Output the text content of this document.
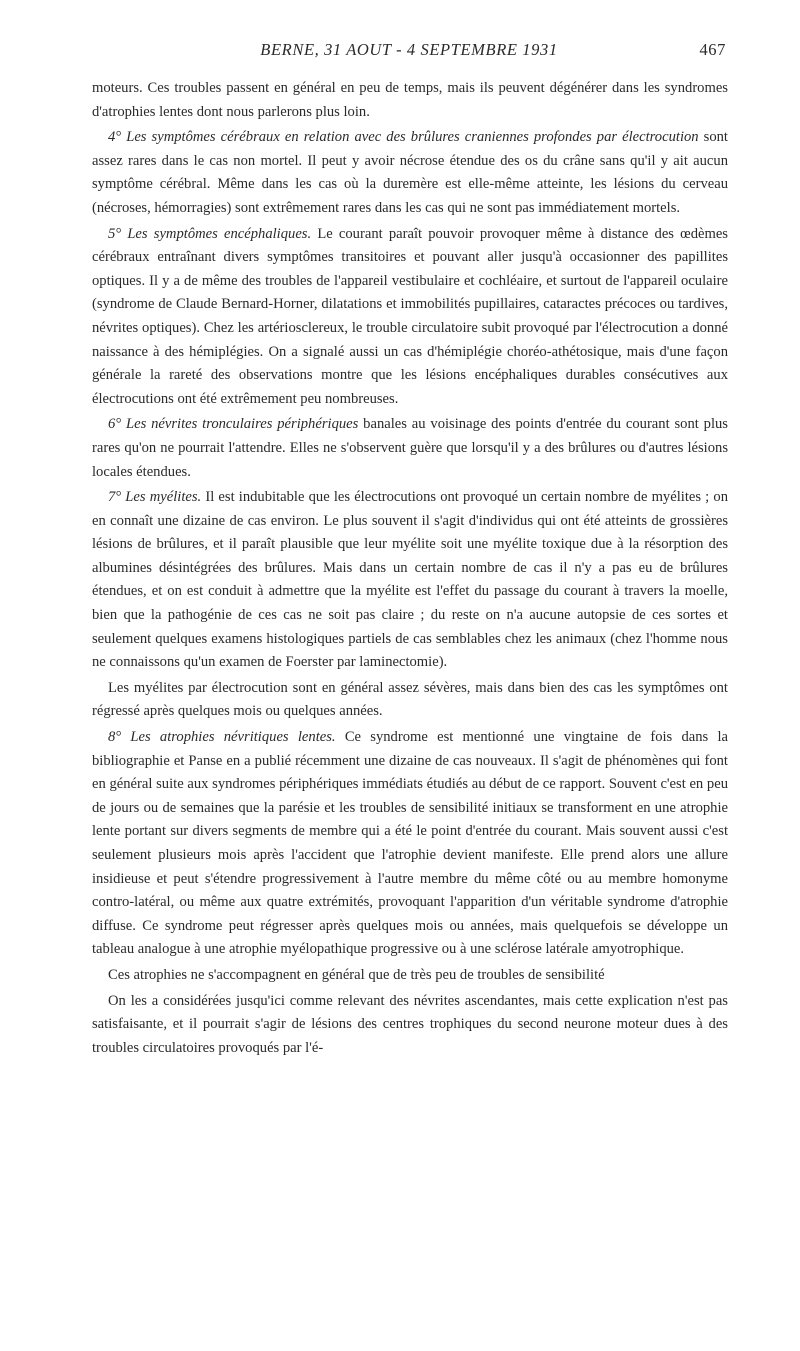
BERNE, 31 AOUT - 4 SEPTEMBRE 1931	467

moteurs. Ces troubles passent en général en peu de temps, mais ils peuvent dégénérer dans les syndromes d'atrophies lentes dont nous parlerons plus loin.

4° Les symptômes cérébraux en relation avec des brûlures craniennes profondes par électrocution sont assez rares dans le cas non mortel. Il peut y avoir nécrose étendue des os du crâne sans qu'il y ait aucun symptôme cérébral. Même dans les cas où la duremère est elle-même atteinte, les lésions du cerveau (nécroses, hémorragies) sont extrêmement rares dans les cas qui ne sont pas immédiatement mortels.

5° Les symptômes encéphaliques. Le courant paraît pouvoir provoquer même à distance des œdèmes cérébraux entraînant divers symptômes transitoires et pouvant aller jusqu'à occasionner des papillites optiques. Il y a de même des troubles de l'appareil vestibulaire et cochléaire, et surtout de l'appareil oculaire (syndrome de Claude Bernard-Horner, dilatations et immobilités pupillaires, cataractes précoces ou tardives, névrites optiques). Chez les artériosclereux, le trouble circulatoire subit provoqué par l'électrocution a donné naissance à des hémiplégies. On a signalé aussi un cas d'hémiplégie choréo-athétosique, mais d'une façon générale la rareté des observations montre que les lésions encéphaliques durables consécutives aux électrocutions ont été extrêmement peu nombreuses.

6° Les névrites tronculaires périphériques banales au voisinage des points d'entrée du courant sont plus rares qu'on ne pourrait l'attendre. Elles ne s'observent guère que lorsqu'il y a des brûlures ou d'autres lésions locales étendues.

7° Les myélites. Il est indubitable que les électrocutions ont provoqué un certain nombre de myélites ; on en connaît une dizaine de cas environ. Le plus souvent il s'agit d'individus qui ont été atteints de grossières lésions de brûlures, et il paraît plausible que leur myélite soit une myélite toxique due à la résorption des albumines désintégrées des brûlures. Mais dans un certain nombre de cas il n'y a pas eu de brûlures étendues, et on est conduit à admettre que la myélite est l'effet du passage du courant à travers la moelle, bien que la pathogénie de ces cas ne soit pas claire ; du reste on n'a aucune autopsie de ces sortes et seulement quelques examens histologiques partiels de cas semblables chez les animaux (chez l'homme nous ne connaissons qu'un examen de Foerster par laminectomie).

Les myélites par électrocution sont en général assez sévères, mais dans bien des cas les symptômes ont régressé après quelques mois ou quelques années.

8° Les atrophies névritiques lentes. Ce syndrome est mentionné une vingtaine de fois dans la bibliographie et Panse en a publié récemment une dizaine de cas nouveaux. Il s'agit de phénomènes qui font en général suite aux syndromes périphériques immédiats étudiés au début de ce rapport. Souvent c'est en peu de jours ou de semaines que la parésie et les troubles de sensibilité initiaux se transforment en une atrophie lente portant sur divers segments de membre qui a été le point d'entrée du courant. Mais souvent aussi c'est seulement plusieurs mois après l'accident que l'atrophie devient manifeste. Elle prend alors une allure insidieuse et peut s'étendre progressivement à l'autre membre du même côté ou au membre homonyme contro-latéral, ou même aux quatre extrémités, provoquant l'apparition d'un véritable syndrome d'atrophie diffuse. Ce syndrome peut régresser après quelques mois ou années, mais quelquefois se développe un tableau analogue à une atrophie myélopathique progressive ou à une sclérose latérale amyotrophique.

Ces atrophies ne s'accompagnent en général que de très peu de troubles de sensibilité

On les a considérées jusqu'ici comme relevant des névrites ascendantes, mais cette explication n'est pas satisfaisante, et il pourrait s'agir de lésions des centres trophiques du second neurone moteur dues à des troubles circulatoires provoqués par l'é-
